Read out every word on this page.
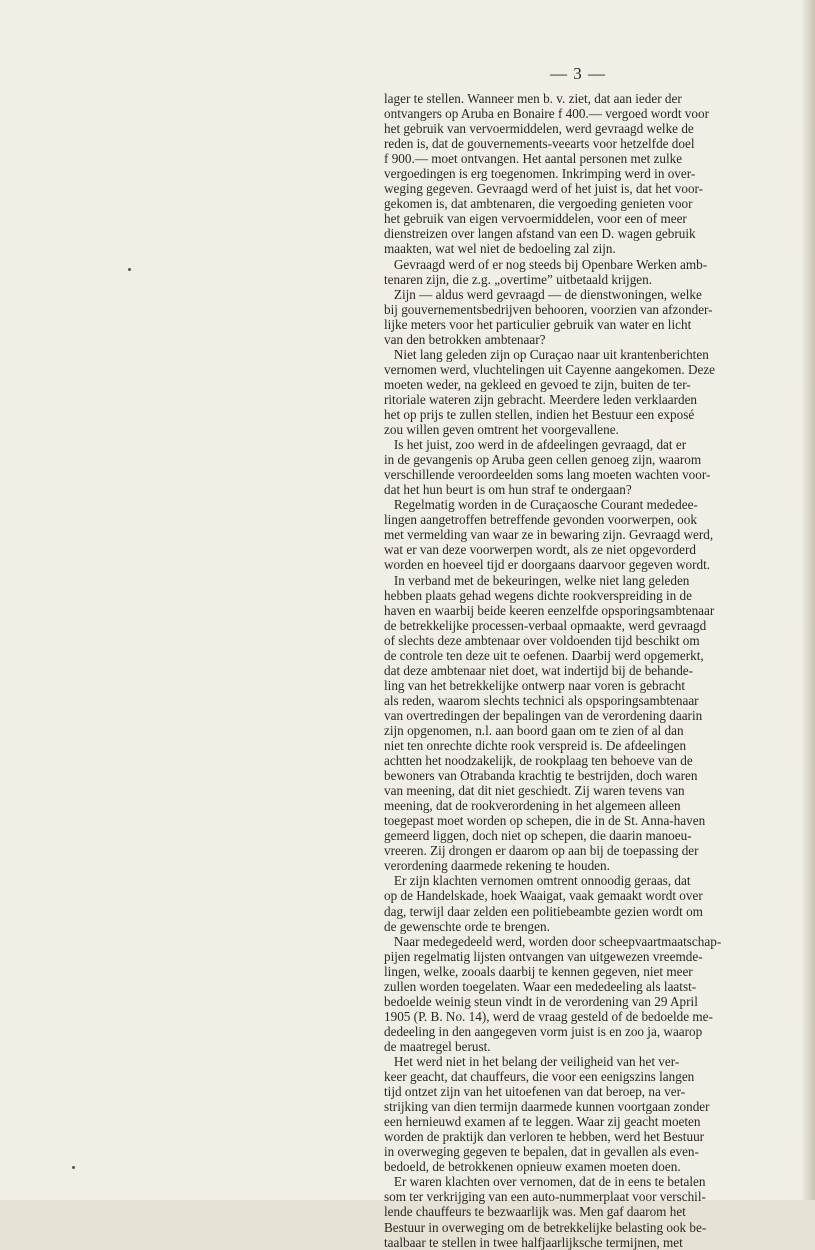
— 3 —
lager te stellen. Wanneer men b. v. ziet, dat aan ieder der
ontvangers op Aruba en Bonaire f 400.— vergoed wordt voor
het gebruik van vervoermiddelen, werd gevraagd welke de
reden is, dat de gouvernements-veearts voor hetzelfde doel
f 900.— moet ontvangen. Het aantal personen met zulke
vergoedingen is erg toegenomen. Inkrimping werd in over-
weging gegeven. Gevraagd werd of het juist is, dat het voor-
gekomen is, dat ambtenaren, die vergoeding genieten voor
het gebruik van eigen vervoermiddelen, voor een of meer
dienstreizen over langen afstand van een D. wagen gebruik
maakten, wat wel niet de bedoeling zal zijn.
Gevraagd werd of er nog steeds bij Openbare Werken amb-
tenaren zijn, die z.g. „overtime” uitbetaald krijgen.
Zijn — aldus werd gevraagd — de dienstwoningen, welke
bij gouvernementsbedrijven behooren, voorzien van afzonder-
lijke meters voor het particulier gebruik van water en licht
van den betrokken ambtenaar?
Niet lang geleden zijn op Curaçao naar uit krantenberichten
vernomen werd, vluchtelingen uit Cayenne aangekomen. Deze
moeten weder, na gekleed en gevoed te zijn, buiten de ter-
ritoriale wateren zijn gebracht. Meerdere leden verklaarden
het op prijs te zullen stellen, indien het Bestuur een exposé
zou willen geven omtrent het voorgevallene.
Is het juist, zoo werd in de afdeelingen gevraagd, dat er
in de gevangenis op Aruba geen cellen genoeg zijn, waarom
verschillende veroordeelden soms lang moeten wachten voor-
dat het hun beurt is om hun straf te ondergaan?
Regelmatig worden in de Curaçaosche Courant mededee-
lingen aangetroffen betreffende gevonden voorwerpen, ook
met vermelding van waar ze in bewaring zijn. Gevraagd werd,
wat er van deze voorwerpen wordt, als ze niet opgevorderd
worden en hoeveel tijd er doorgaans daarvoor gegeven wordt.
In verband met de bekeuringen, welke niet lang geleden
hebben plaats gehad wegens dichte rookverspreiding in de
haven en waarbij beide keeren eenzelfde opsporingsambtenaar
de betrekkelijke processen-verbaal opmaakte, werd gevraagd
of slechts deze ambtenaar over voldoenden tijd beschikt om
de controle ten deze uit te oefenen. Daarbij werd opgemerkt,
dat deze ambtenaar niet doet, wat indertijd bij de behande-
ling van het betrekkelijke ontwerp naar voren is gebracht
als reden, waarom slechts technici als opsporingsambtenaar
van overtredingen der bepalingen van de verordening daarin
zijn opgenomen, n.l. aan boord gaan om te zien of al dan
niet ten onrechte dichte rook verspreid is. De afdeelingen
achtten het noodzakelijk, de rookplaag ten behoeve van de
bewoners van Otrabanda krachtig te bestrijden, doch waren
van meening, dat dit niet geschiedt. Zij waren tevens van
meening, dat de rookverordening in het algemeen alleen
toegepast moet worden op schepen, die in de St. Anna-haven
gemeerd liggen, doch niet op schepen, die daarin manoeu-
vreeren. Zij drongen er daarom op aan bij de toepassing der
verordening daarmede rekening te houden.
Er zijn klachten vernomen omtrent onnoodig geraas, dat
op de Handelskade, hoek Waaigat, vaak gemaakt wordt over
dag, terwijl daar zelden een politiebeambte gezien wordt om
de gewenschte orde te brengen.
Naar medegedeeld werd, worden door scheepvaartmaatschap-
pijen regelmatig lijsten ontvangen van uitgewezen vreemde-
lingen, welke, zooals daarbij te kennen gegeven, niet meer
zullen worden toegelaten. Waar een mededeeling als laatst-
bedoelde weinig steun vindt in de verordening van 29 April
1905 (P. B. No. 14), werd de vraag gesteld of de bedoelde me-
dedeeling in den aangegeven vorm juist is en zoo ja, waarop
de maatregel berust.
Het werd niet in het belang der veiligheid van het ver-
keer geacht, dat chauffeurs, die voor een eenigszins langen
tijd ontzet zijn van het uitoefenen van dat beroep, na ver-
strijking van dien termijn daarmede kunnen voortgaan zonder
een hernieuwd examen af te leggen. Waar zij geacht moeten
worden de praktijk dan verloren te hebben, werd het Bestuur
in overweging gegeven te bepalen, dat in gevallen als even-
bedoeld, de betrokkenen opnieuw examen moeten doen.
Er waren klachten over vernomen, dat de in eens te betalen
som ter verkrijging van een auto-nummerplaat voor verschil-
lende chauffeurs te bezwaarlijk was. Men gaf daarom het
Bestuur in overweging om de betrekkelijke belasting ook be-
taalbaar te stellen in twee halfjaarlijksche termijnen, met
